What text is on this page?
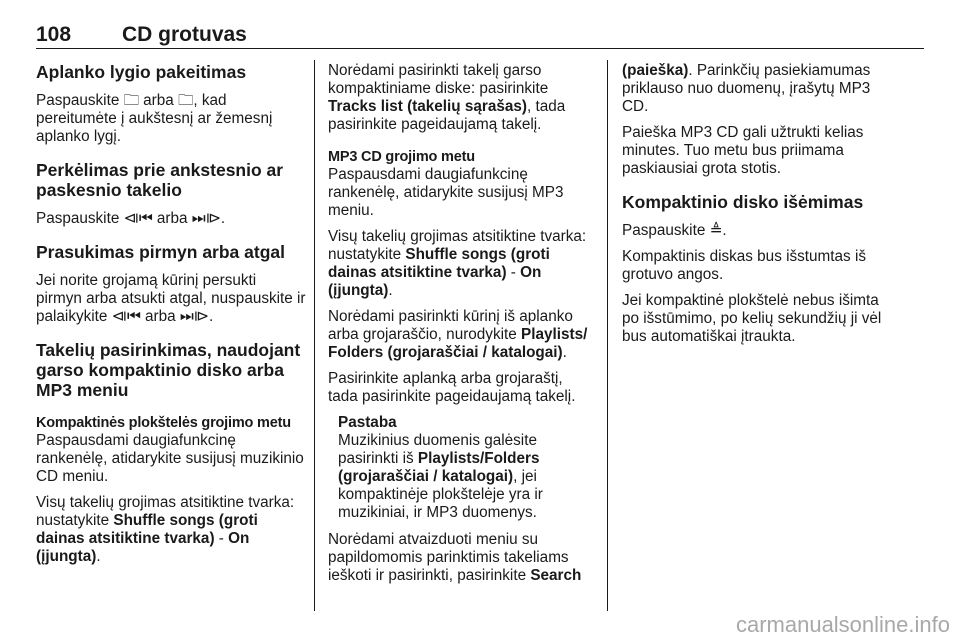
108 CD grotuvas
Aplanko lygio pakeitimas

Paspauskite 🗀 arba 🗀, kad pereitumėte į aukštesnį ar žemesnį aplanko lygį.

Perkėlimas prie ankstesnio ar paskesnio takelio

Paspauskite ⧏⏮ arba ⏭⧐.

Prasukimas pirmyn arba atgal

Jei norite grojamą kūrinį persukti pirmyn arba atsukti atgal, nuspauskite ir palaikykite ⧏⏮ arba ⏭⧐.

Takelių pasirinkimas, naudojant garso kompaktinio disko arba MP3 meniu
Kompaktinės plokštelės grojimo metu

Paspausdami daugiafunkcinę rankenėlę, atidarykite susijusį muzikinio CD meniu.

Visų takelių grojimas atsitiktine tvarka: nustatykite Shuffle songs (groti dainas atsitiktine tvarka) - On (įjungta).

Norėdami pasirinkti takelį garso kompaktiniame diske: pasirinkite Tracks list (takelių sąrašas), tada pasirinkite pageidaujamą takelį.

MP3 CD grojimo metu

Paspausdami daugiafunkcinę rankenėlę, atidarykite susijusį MP3 meniu.

Visų takelių grojimas atsitiktine tvarka: nustatykite Shuffle songs (groti dainas atsitiktine tvarka) - On (įjungta).

Norėdami pasirinkti kūrinį iš aplanko arba grojaraščio, nurodykite Playlists/ Folders (grojaraščiai / katalogai).

Pasirinkite aplanką arba grojaraštį, tada pasirinkite pageidaujamą takelį.

Pastaba
Muzikinius duomenis galėsite pasirinkti iš Playlists/Folders (grojaraščiai / katalogai), jei kompaktinėje plokštelėje yra ir muzikiniai, ir MP3 duomenys.

Norėdami atvaizduoti meniu su papildomomis parinktimis takeliams ieškoti ir pasirinkti, pasirinkite Search

(paieška). Parinkčių pasiekiamumas priklauso nuo duomenų, įrašytų MP3 CD.

Paieška MP3 CD gali užtrukti kelias minutes. Tuo metu bus priimama paskiausiai grota stotis.

Kompaktinio disko išėmimas

Paspauskite ≜.

Kompaktinis diskas bus išstumtas iš grotuvo angos.

Jei kompaktinė plokštelė nebus išimta po išstūmimo, po kelių sekundžių ji vėl bus automatiškai įtraukta.

carmanualsonline.info
